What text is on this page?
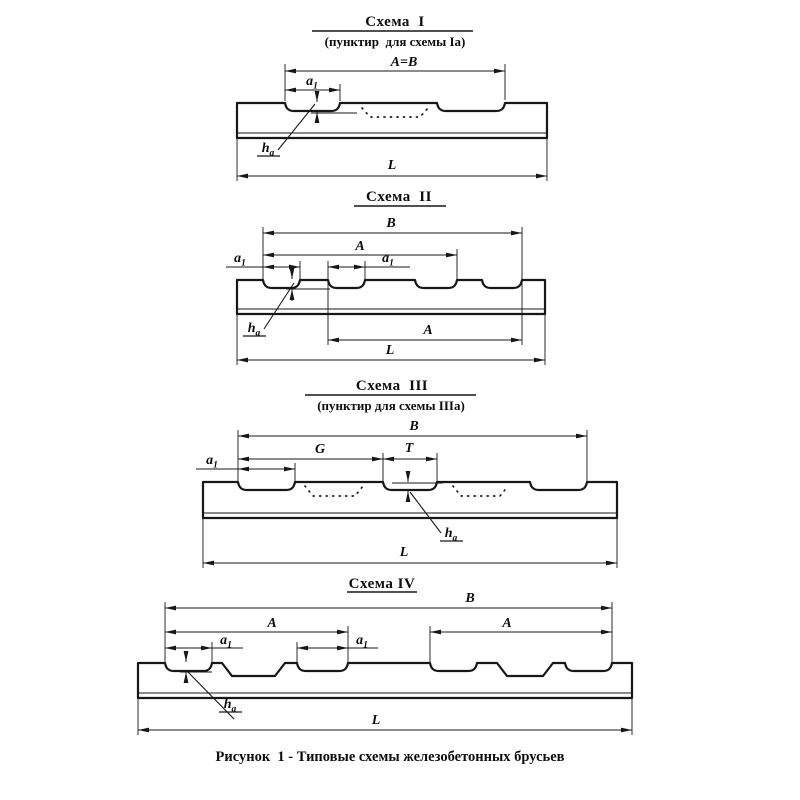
Схема  I
(пунктир  для схемы Iа)
A=B
$a_1$
$h_a$
L
Схема  II
B
A
$a_1$	$a_1$
$h_a$	A
L
Схема  III
(пунктир для схемы IIIа)
B
G	T
$a_1$
$h_a$
L
Схема IV
B
A	A
$a_1$	$a_1$
$h_a$
L
Рисунок  1 - Типовые схемы железобетонных брусьев
